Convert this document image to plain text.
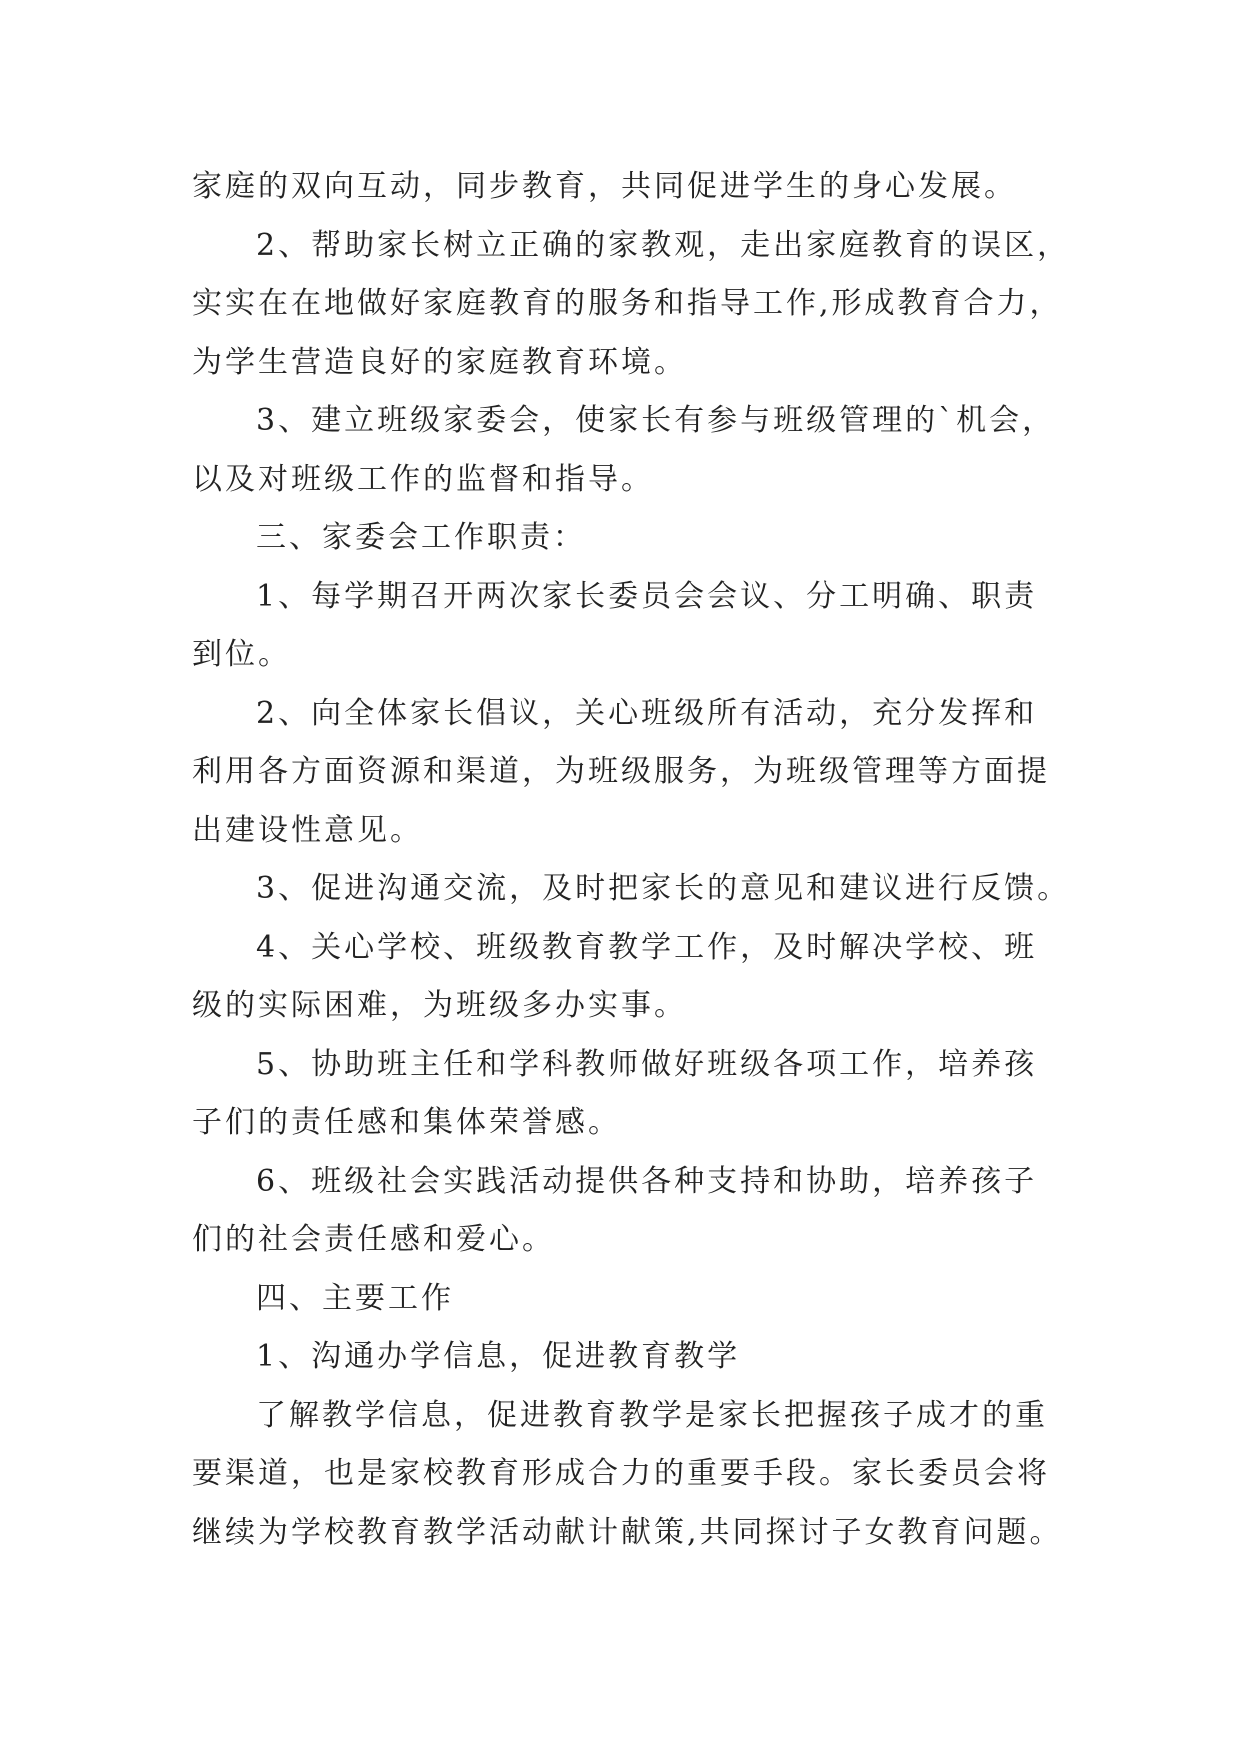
家庭的双向互动，同步教育，共同促进学生的身心发展。
2、帮助家长树立正确的家教观，走出家庭教育的误区，
实实在在地做好家庭教育的服务和指导工作,形成教育合力，
为学生营造良好的家庭教育环境。
3、建立班级家委会，使家长有参与班级管理的`机会，
以及对班级工作的监督和指导。
三、家委会工作职责：
1、每学期召开两次家长委员会会议、分工明确、职责
到位。
2、向全体家长倡议，关心班级所有活动，充分发挥和
利用各方面资源和渠道，为班级服务，为班级管理等方面提
出建设性意见。
3、促进沟通交流，及时把家长的意见和建议进行反馈。
4、关心学校、班级教育教学工作，及时解决学校、班
级的实际困难，为班级多办实事。
5、协助班主任和学科教师做好班级各项工作，培养孩
子们的责任感和集体荣誉感。
6、班级社会实践活动提供各种支持和协助，培养孩子
们的社会责任感和爱心。
四、主要工作
1、沟通办学信息，促进教育教学
了解教学信息，促进教育教学是家长把握孩子成才的重
要渠道，也是家校教育形成合力的重要手段。家长委员会将
继续为学校教育教学活动献计献策,共同探讨子女教育问题。
